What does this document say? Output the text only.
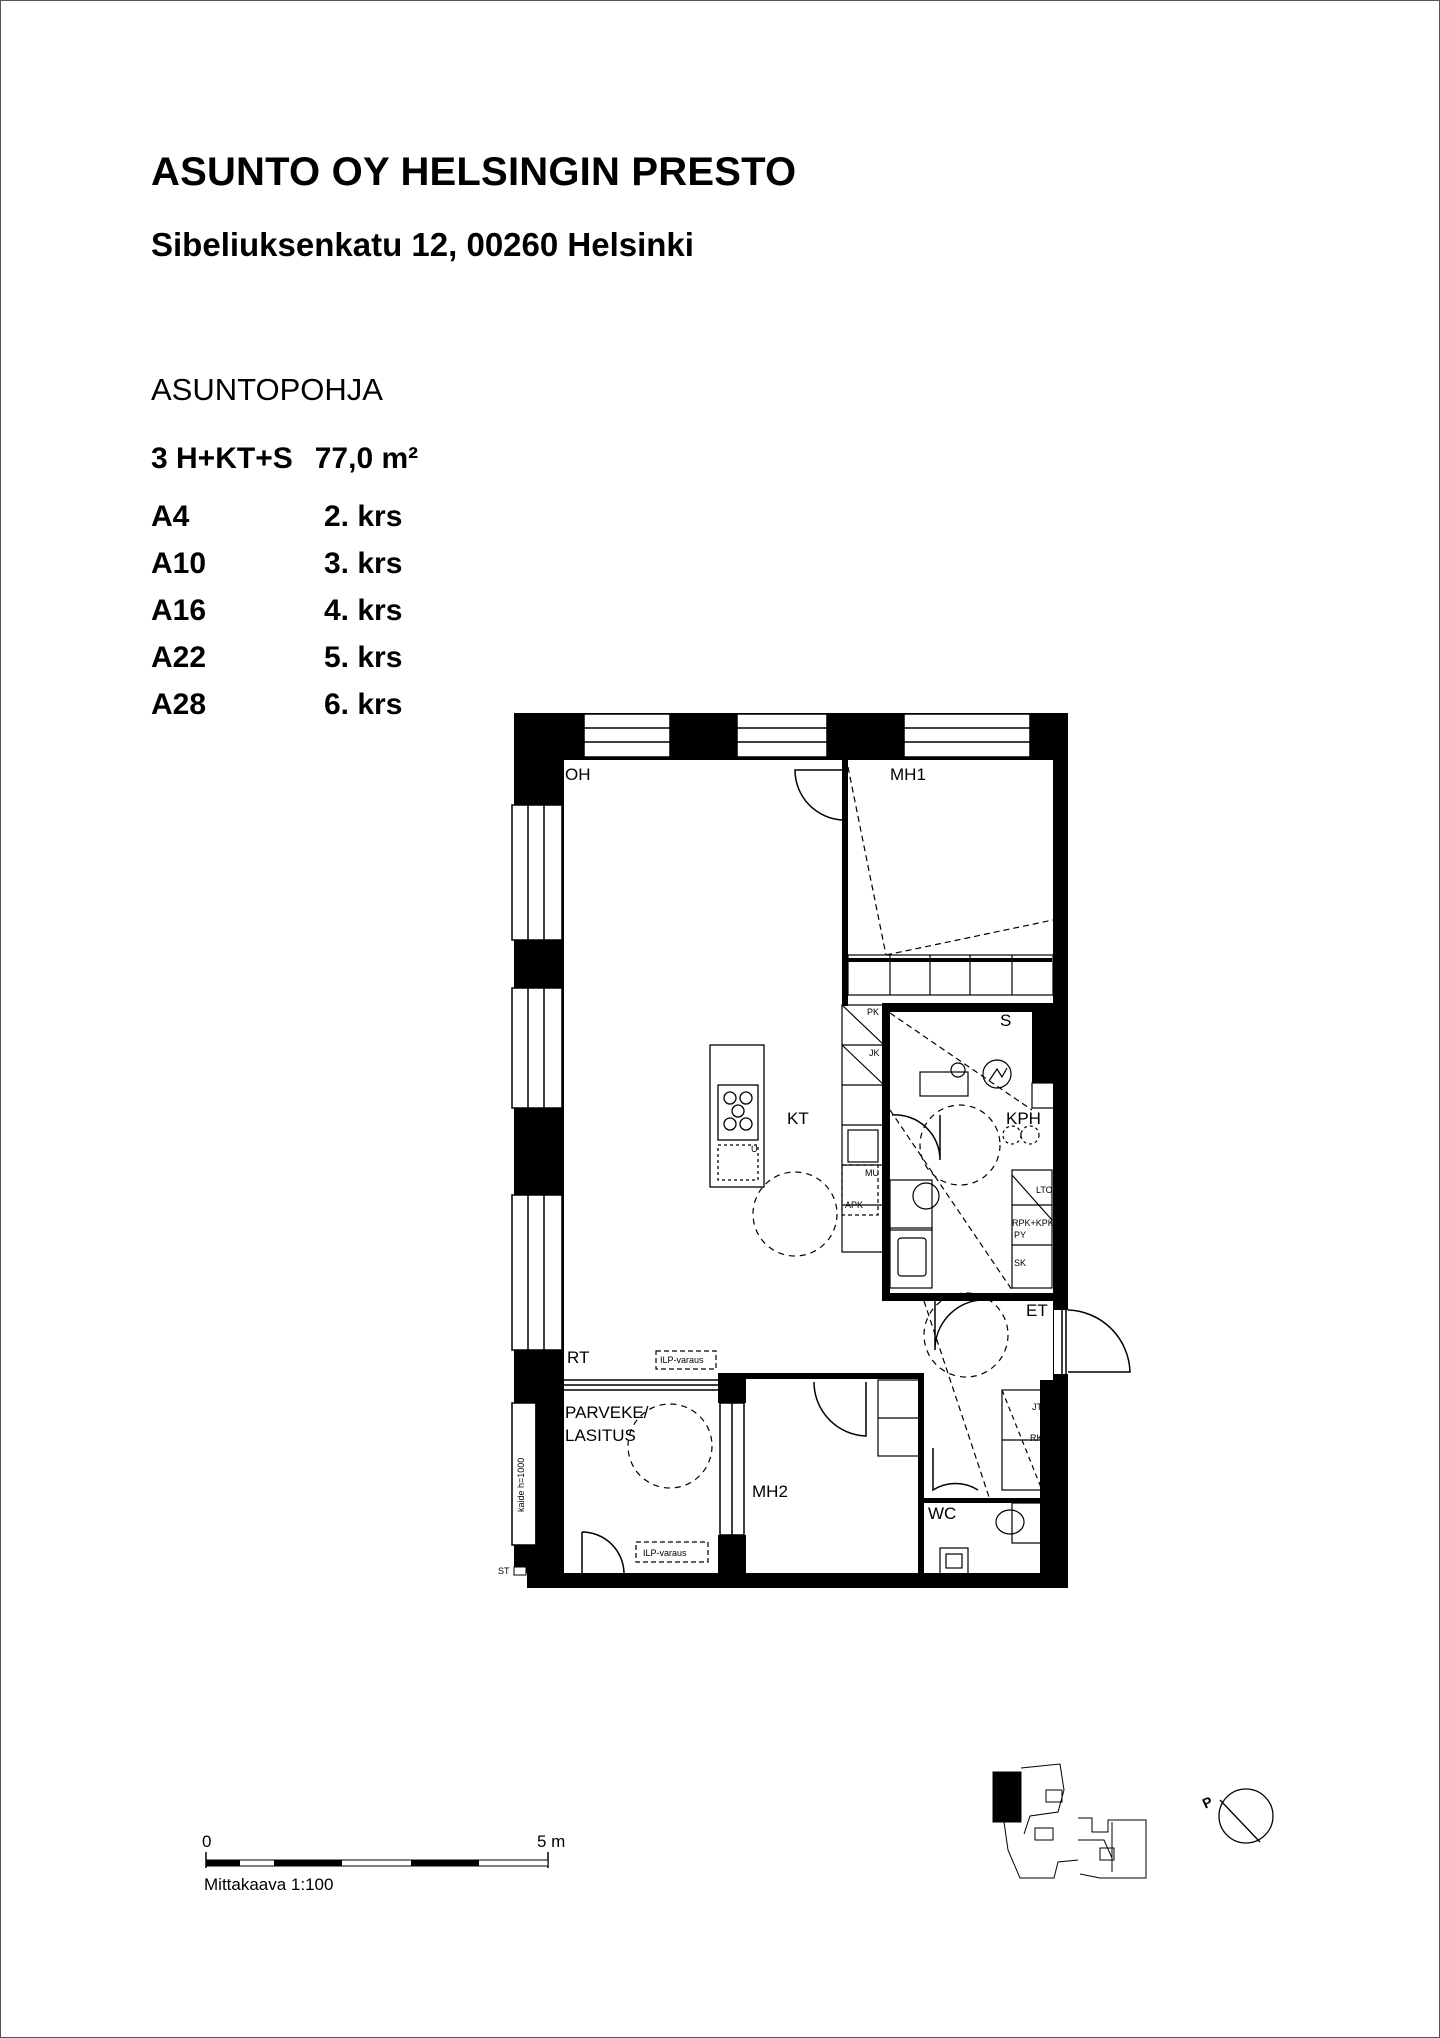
ASUNTO OY HELSINGIN PRESTO
Sibeliuksenkatu 12, 00260 Helsinki
ASUNTOPOHJA
3 H+KT+S 77,0 m²
A4	2. krs
A10	3. krs
A16	4. krs
A22	5. krs
A28	6. krs
OH	MH1
KT
S
KPH
ET
RT
PARVEKE/
LASITUS
MH2
WC
PK
JK
MU
APK
U
LTO
RPK+KPK
PY
SK
JT
RK
ILP-varaus
ILP-varaus
kaide h=1000
ST	SV
VT
0	5 m
Mittakaava 1:100
P
